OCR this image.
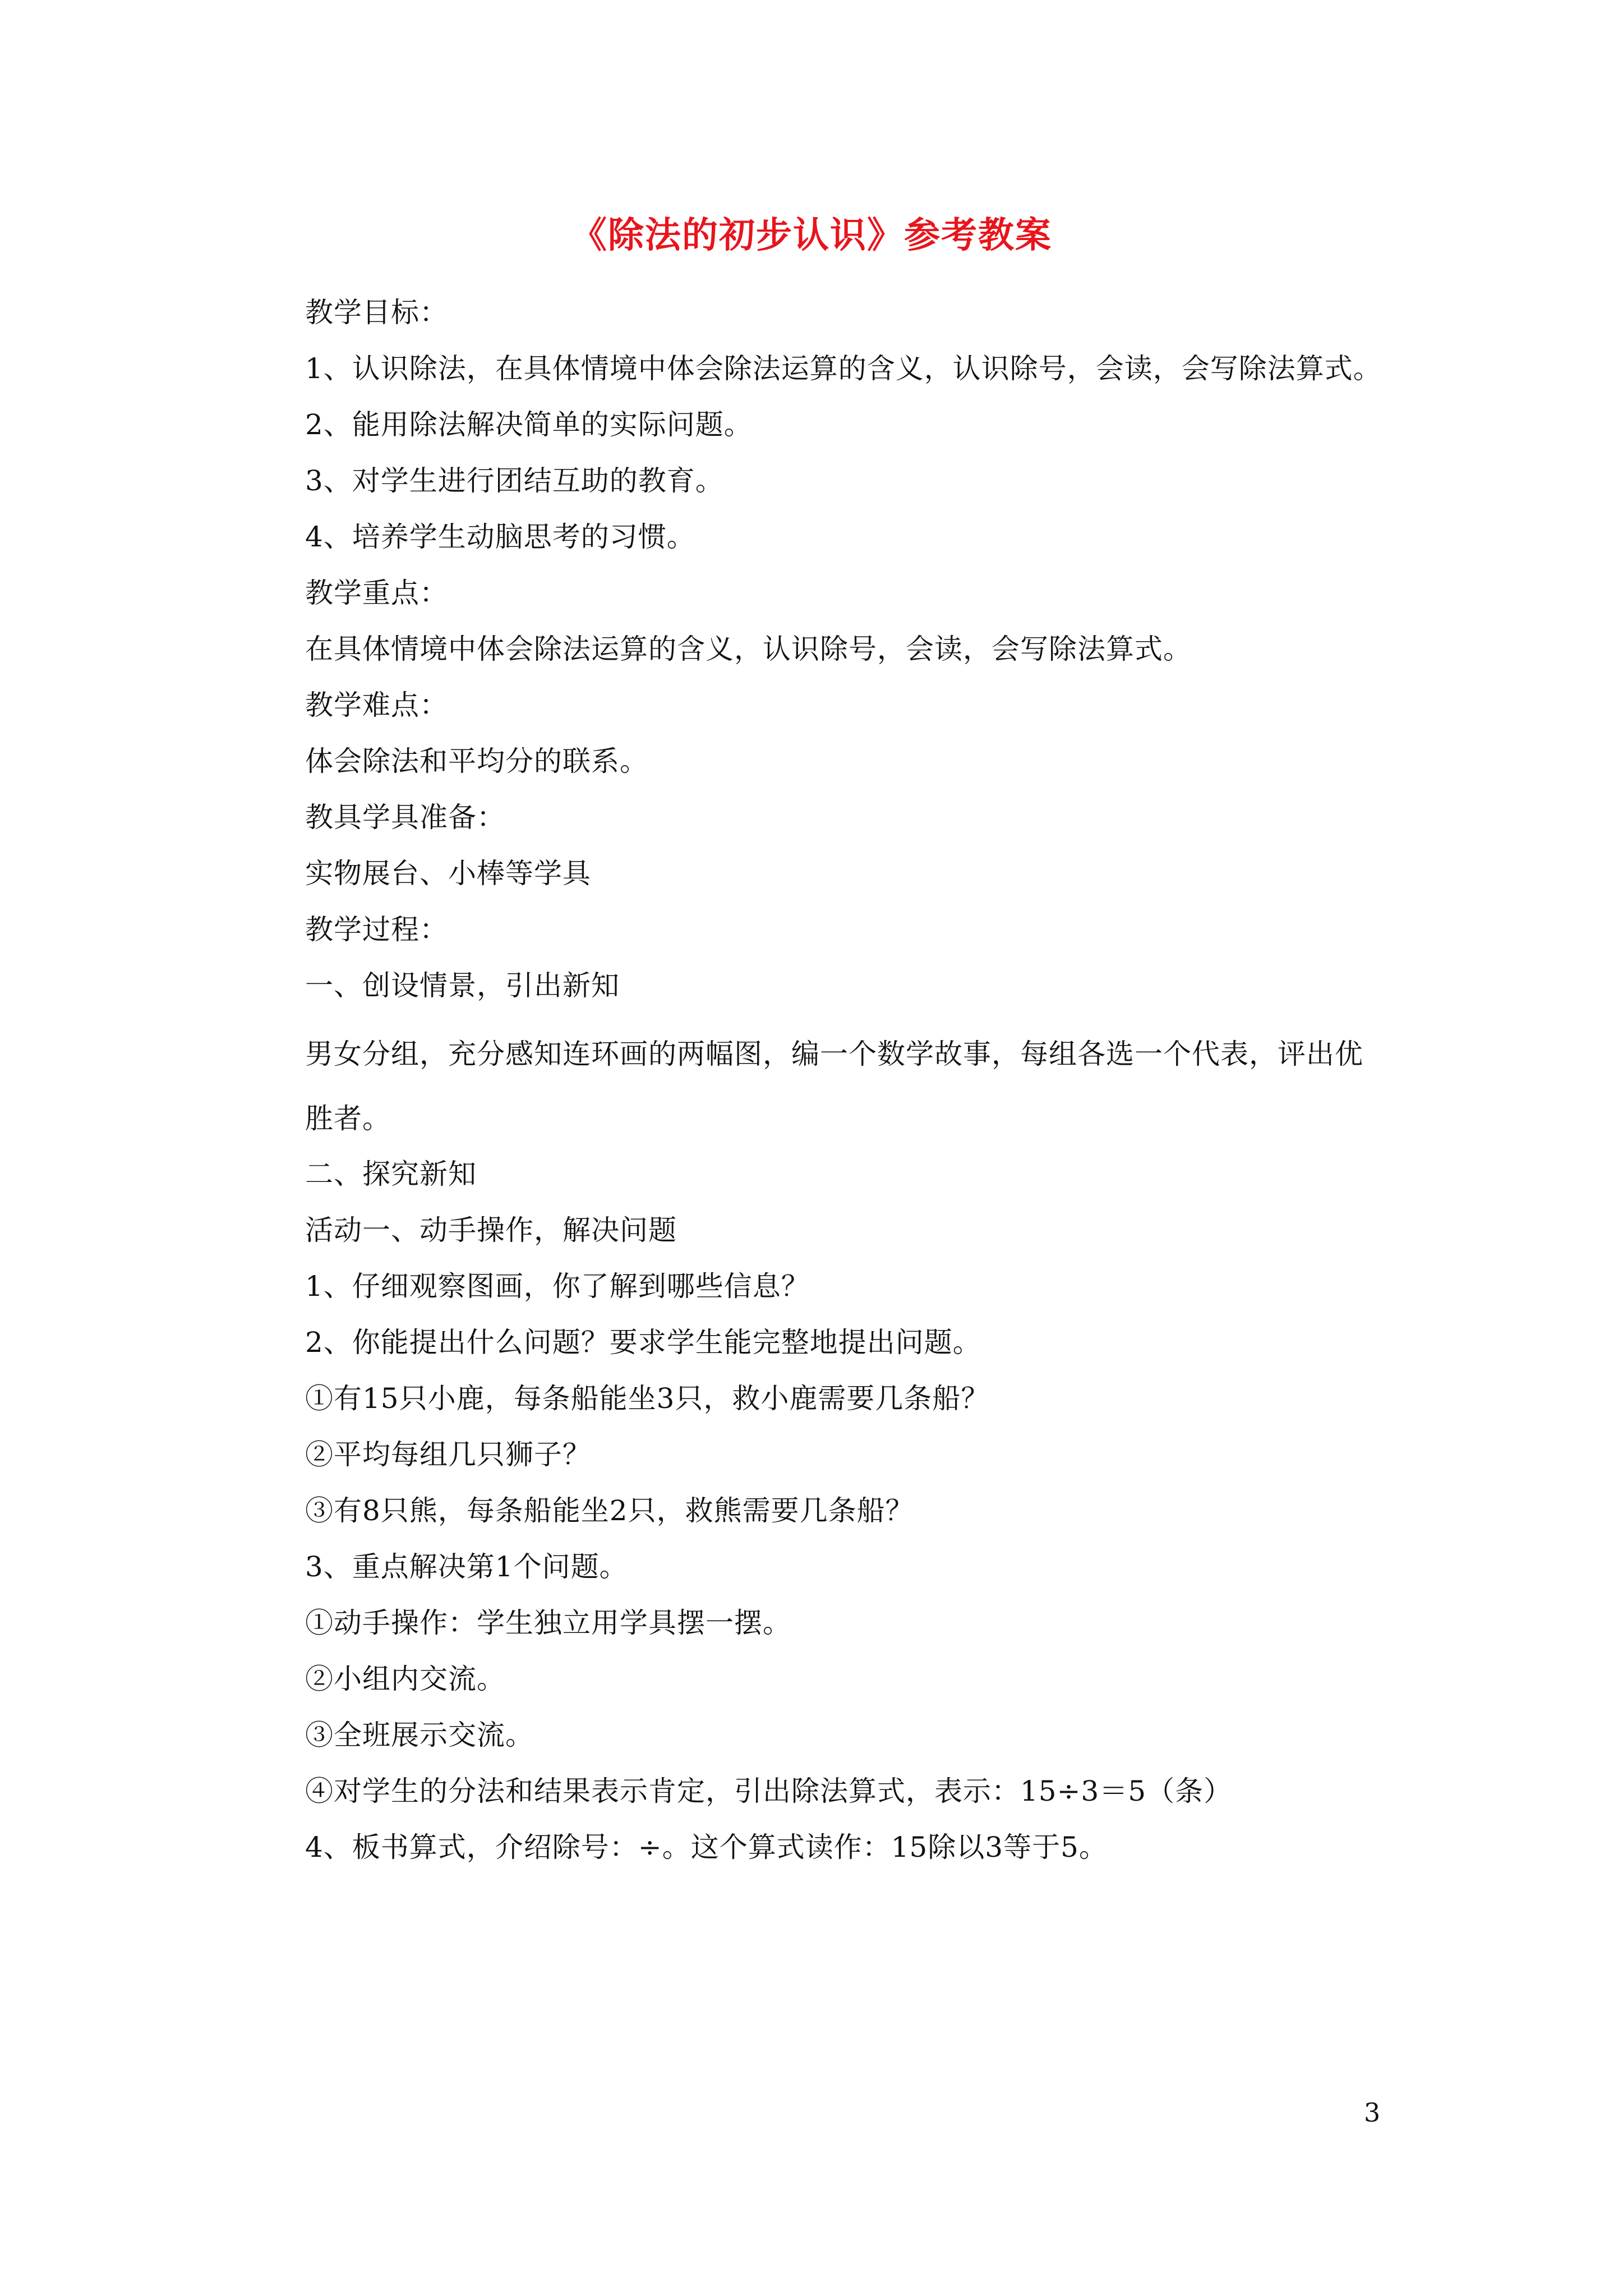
《除法的初步认识》参考教案
教学目标：
1、认识除法，在具体情境中体会除法运算的含义，认识除号，会读，会写除法算式。
2、能用除法解决简单的实际问题。
3、对学生进行团结互助的教育。
4、培养学生动脑思考的习惯。
教学重点：
在具体情境中体会除法运算的含义，认识除号，会读，会写除法算式。
教学难点：
体会除法和平均分的联系。
教具学具准备：
实物展台、小棒等学具
教学过程：
一、创设情景，引出新知
男女分组，充分感知连环画的两幅图，编一个数学故事，每组各选一个代表，评出优胜者。
二、探究新知
活动一、动手操作，解决问题
1、仔细观察图画，你了解到哪些信息？
2、你能提出什么问题？要求学生能完整地提出问题。
①有15只小鹿，每条船能坐3只，救小鹿需要几条船？
②平均每组几只狮子？
③有8只熊，每条船能坐2只，救熊需要几条船？
3、重点解决第1个问题。
①动手操作：学生独立用学具摆一摆。
②小组内交流。
③全班展示交流。
④对学生的分法和结果表示肯定，引出除法算式，表示：15÷3＝5（条）
4、板书算式，介绍除号：÷。这个算式读作：15除以3等于5。
3
